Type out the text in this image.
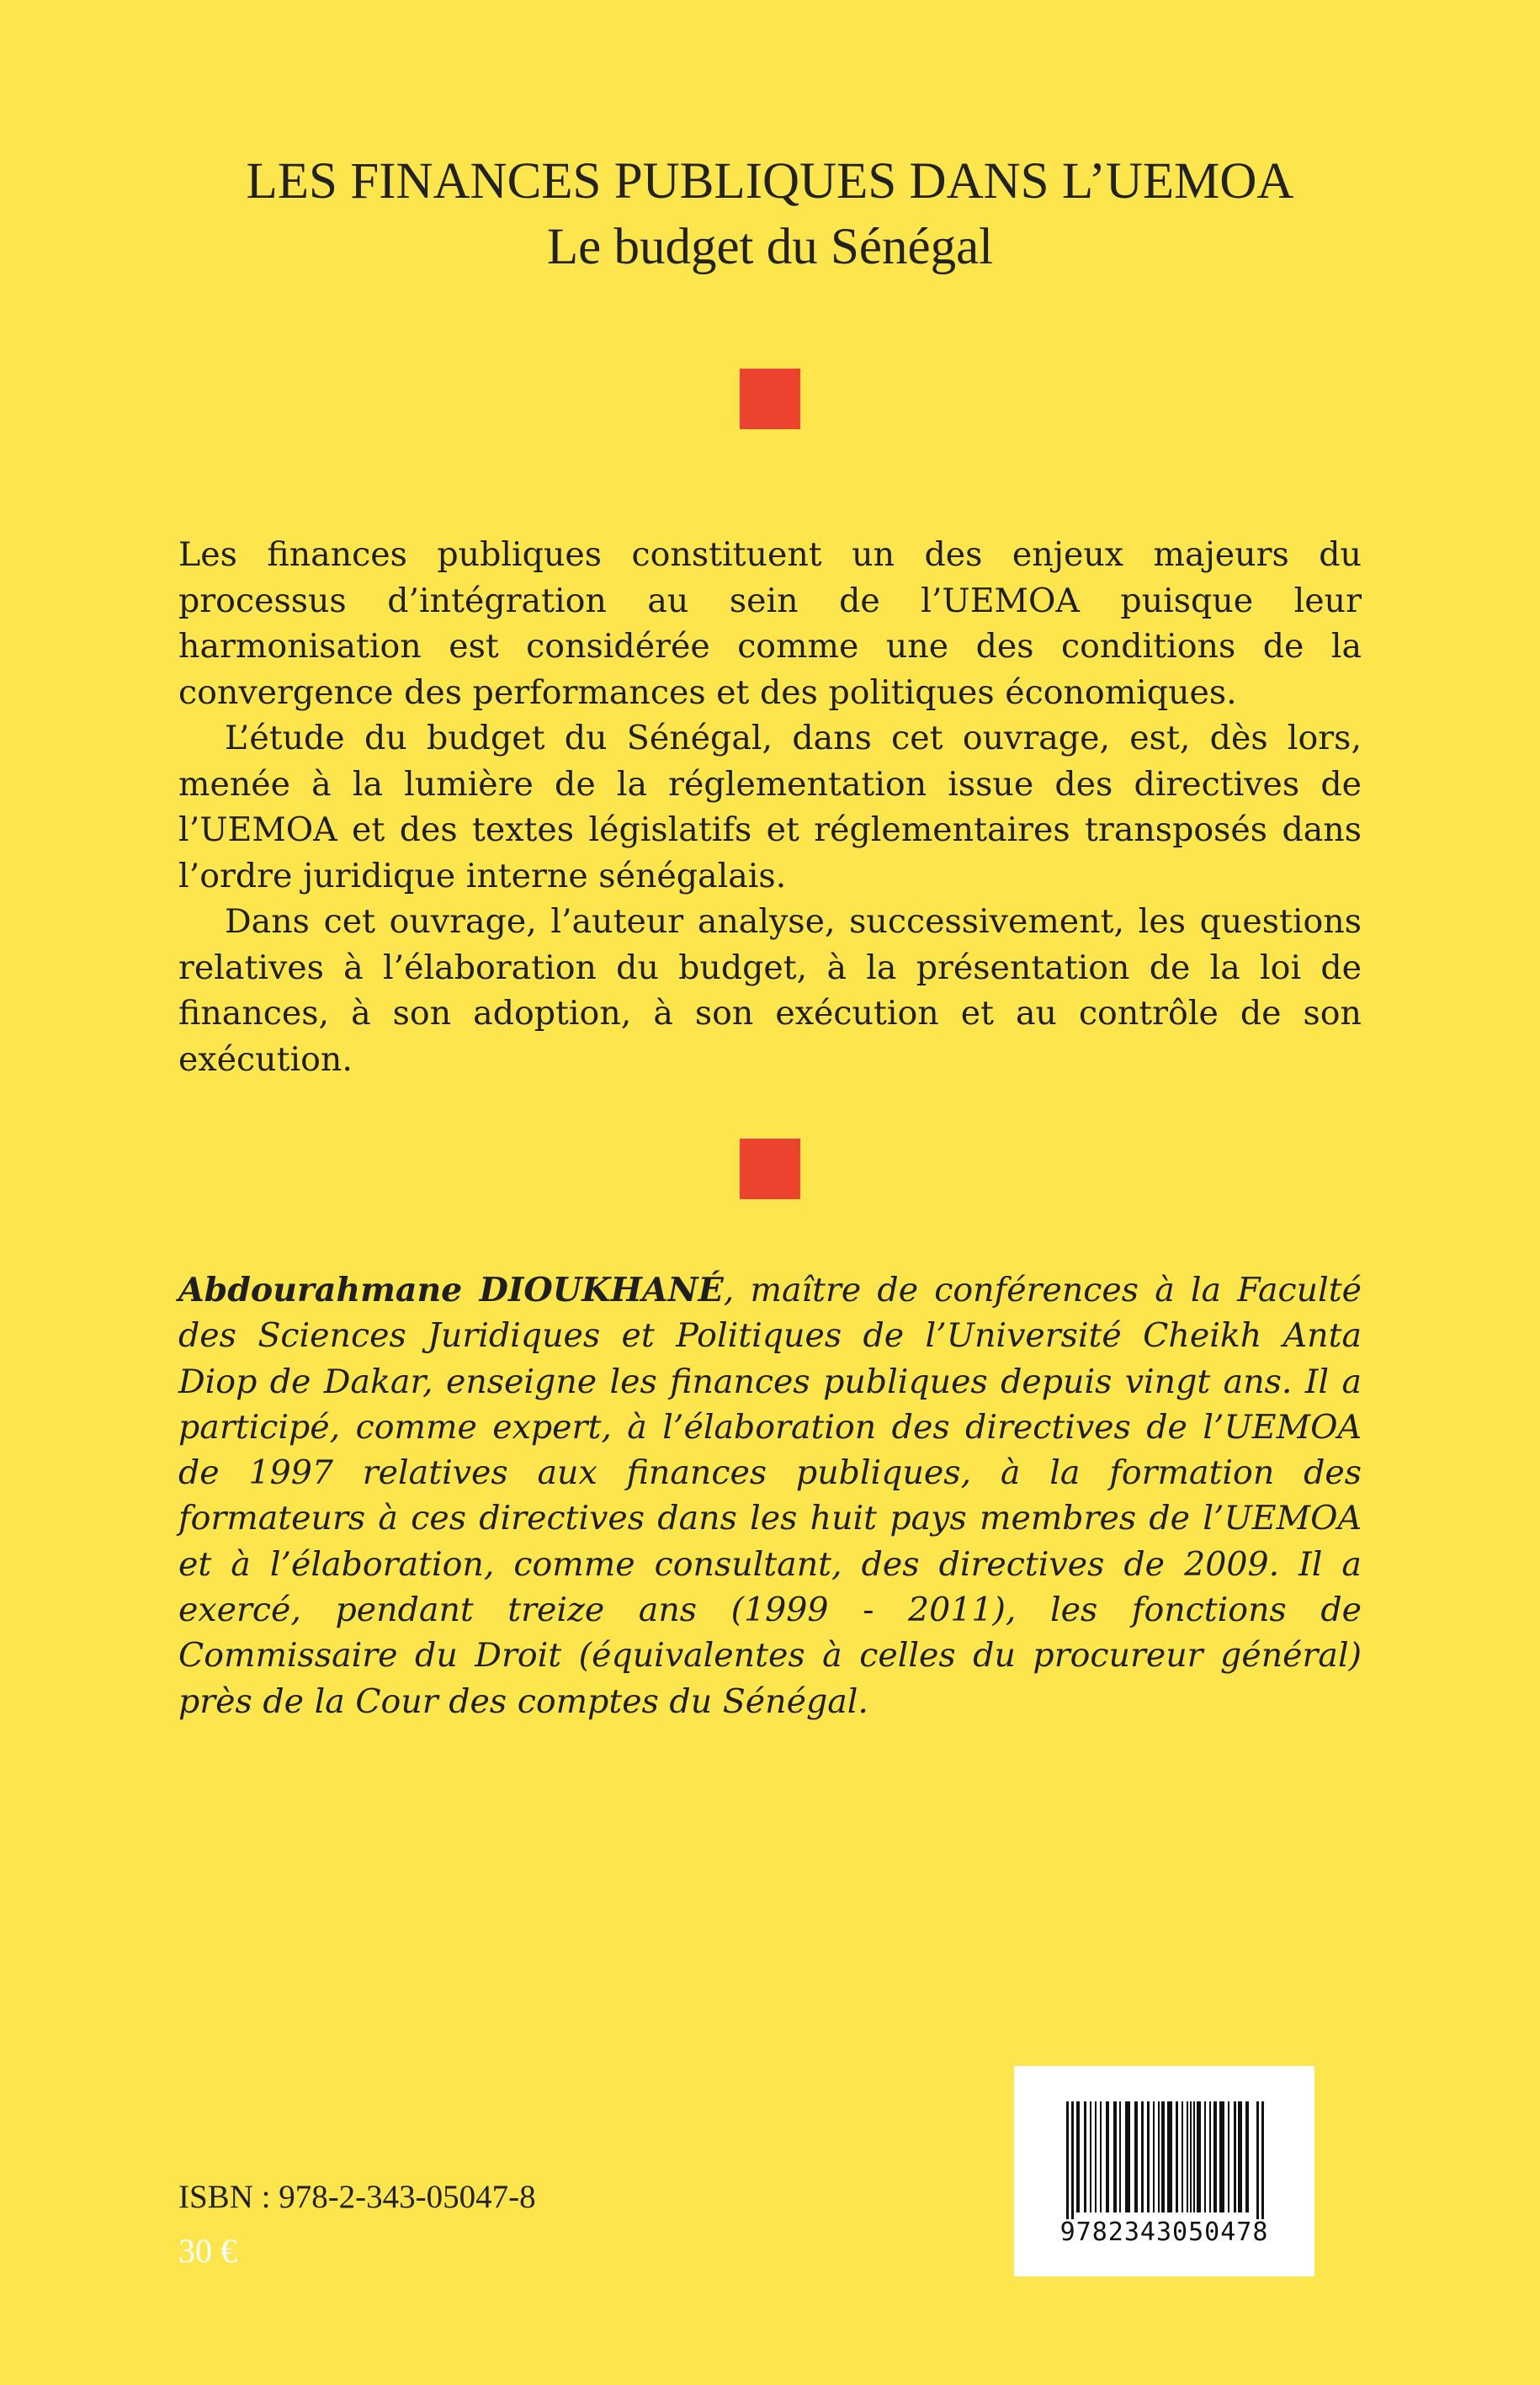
LES FINANCES PUBLIQUES DANS L’UEMOA
Le budget du Sénégal

Les finances publiques constituent un des enjeux majeurs du processus d’intégration au sein de l’UEMOA puisque leur harmonisation est considérée comme une des conditions de la convergence des performances et des politiques économiques.

L’étude du budget du Sénégal, dans cet ouvrage, est, dès lors, menée à la lumière de la réglementation issue des directives de l’UEMOA et des textes législatifs et réglementaires transposés dans l’ordre juridique interne sénégalais.

Dans cet ouvrage, l’auteur analyse, successivement, les questions relatives à l’élaboration du budget, à la présentation de la loi de finances, à son adoption, à son exécution et au contrôle de son exécution.

Abdourahmane DIOUKHANÉ, maître de conférences à la Faculté des Sciences Juridiques et Politiques de l’Université Cheikh Anta Diop de Dakar, enseigne les finances publiques depuis vingt ans. Il a participé, comme expert, à l’élaboration des directives de l’UEMOA de 1997 relatives aux finances publiques, à la formation des formateurs à ces directives dans les huit pays membres de l’UEMOA et à l’élaboration, comme consultant, des directives de 2009. Il a exercé, pendant treize ans (1999 - 2011), les fonctions de Commissaire du Droit (équivalentes à celles du procureur général) près de la Cour des comptes du Sénégal.

ISBN : 978-2-343-05047-8

30 €	9782343050478
